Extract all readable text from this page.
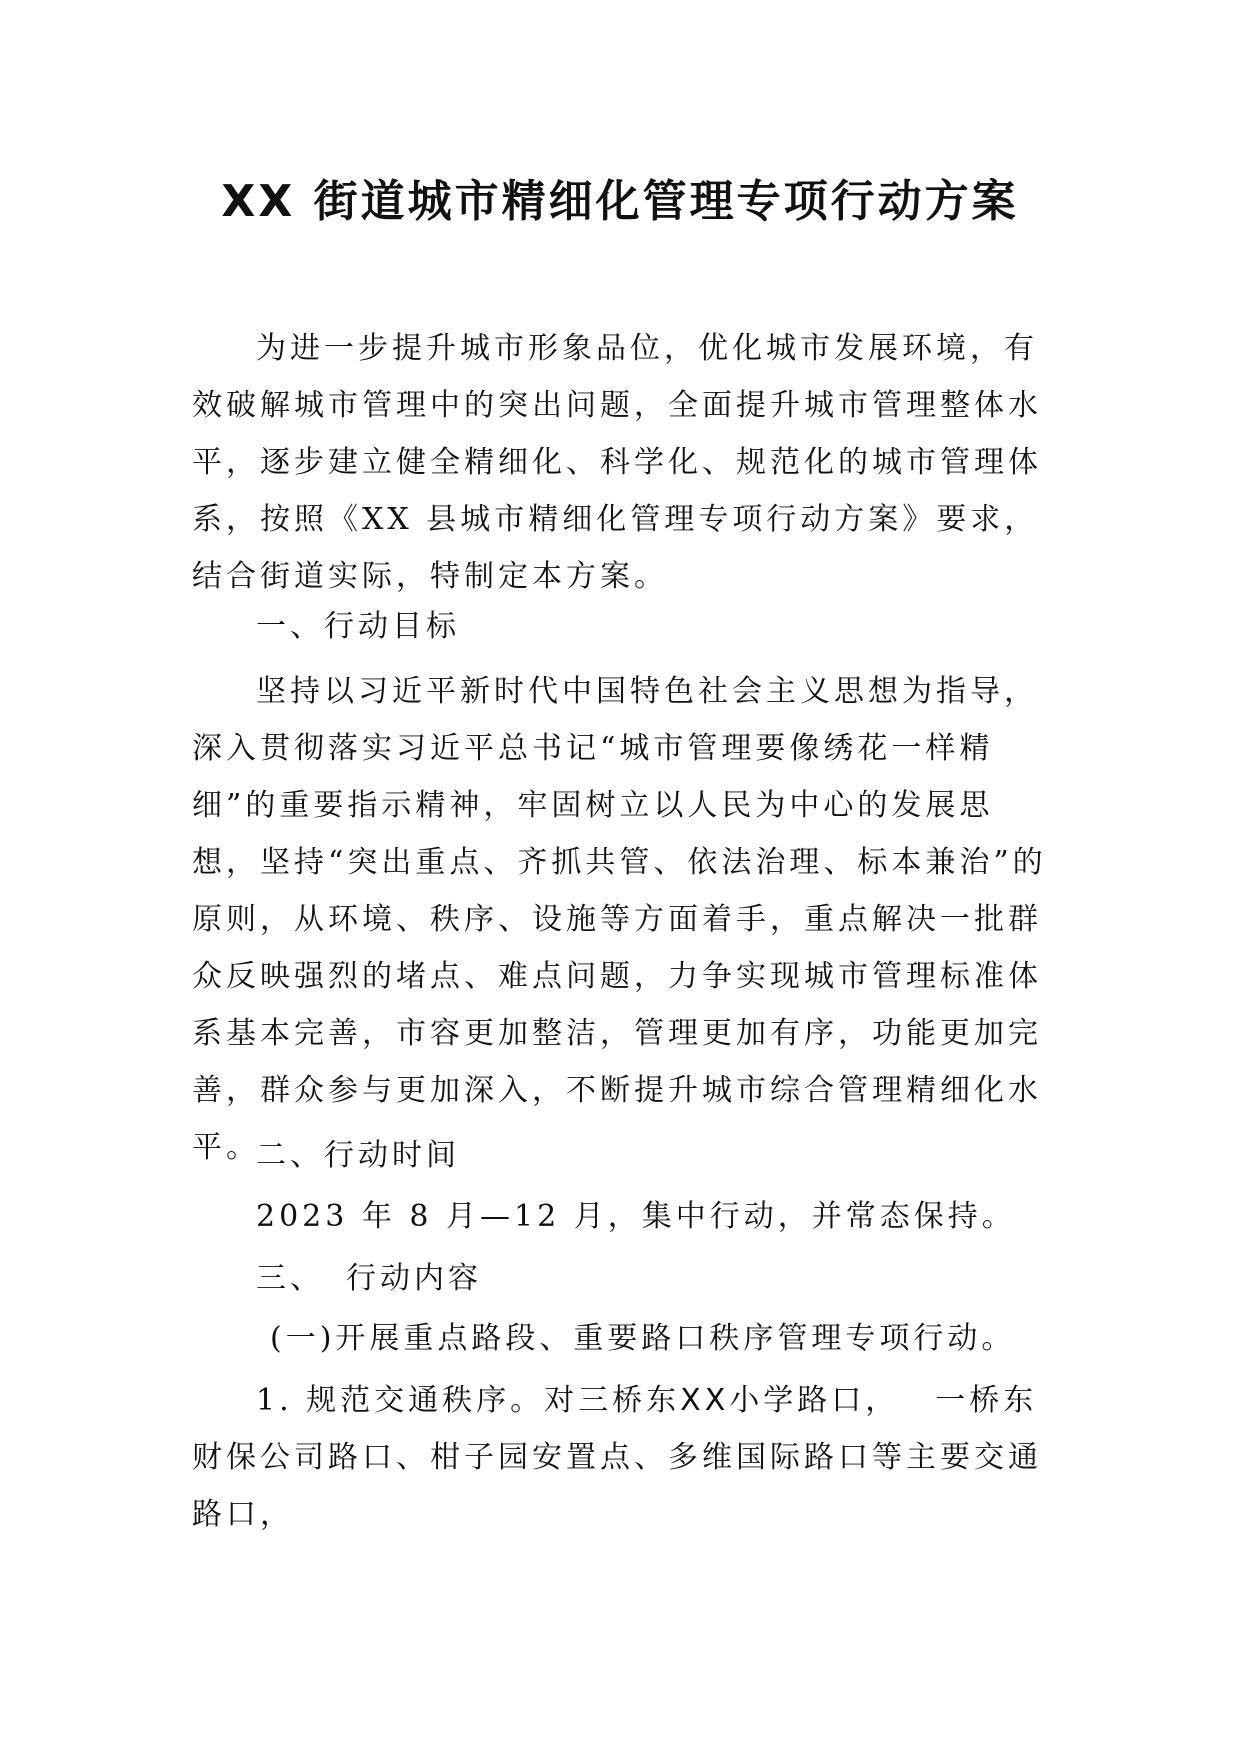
XX 街道城市精细化管理专项行动方案

为进一步提升城市形象品位，优化城市发展环境，有效破解城市管理中的突出问题，全面提升城市管理整体水平，逐步建立健全精细化、科学化、规范化的城市管理体系，按照《XX 县城市精细化管理专项行动方案》要求，结合街道实际，特制定本方案。

一、行动目标

坚持以习近平新时代中国特色社会主义思想为指导，深入贯彻落实习近平总书记“城市管理要像绣花一样精细”的重要指示精神，牢固树立以人民为中心的发展思想，坚持“突出重点、齐抓共管、依法治理、标本兼治”的原则，从环境、秩序、设施等方面着手，重点解决一批群众反映强烈的堵点、难点问题，力争实现城市管理标准体系基本完善，市容更加整洁，管理更加有序，功能更加完善，群众参与更加深入，不断提升城市综合管理精细化水平。

二、行动时间

2023 年 8 月—12 月，集中行动，并常态保持。

三、 行动内容

(一)开展重点路段、重要路口秩序管理专项行动。

1. 规范交通秩序。对三桥东XX小学路口， 一桥东财保公司路口、柑子园安置点、多维国际路口等主要交通路口，
